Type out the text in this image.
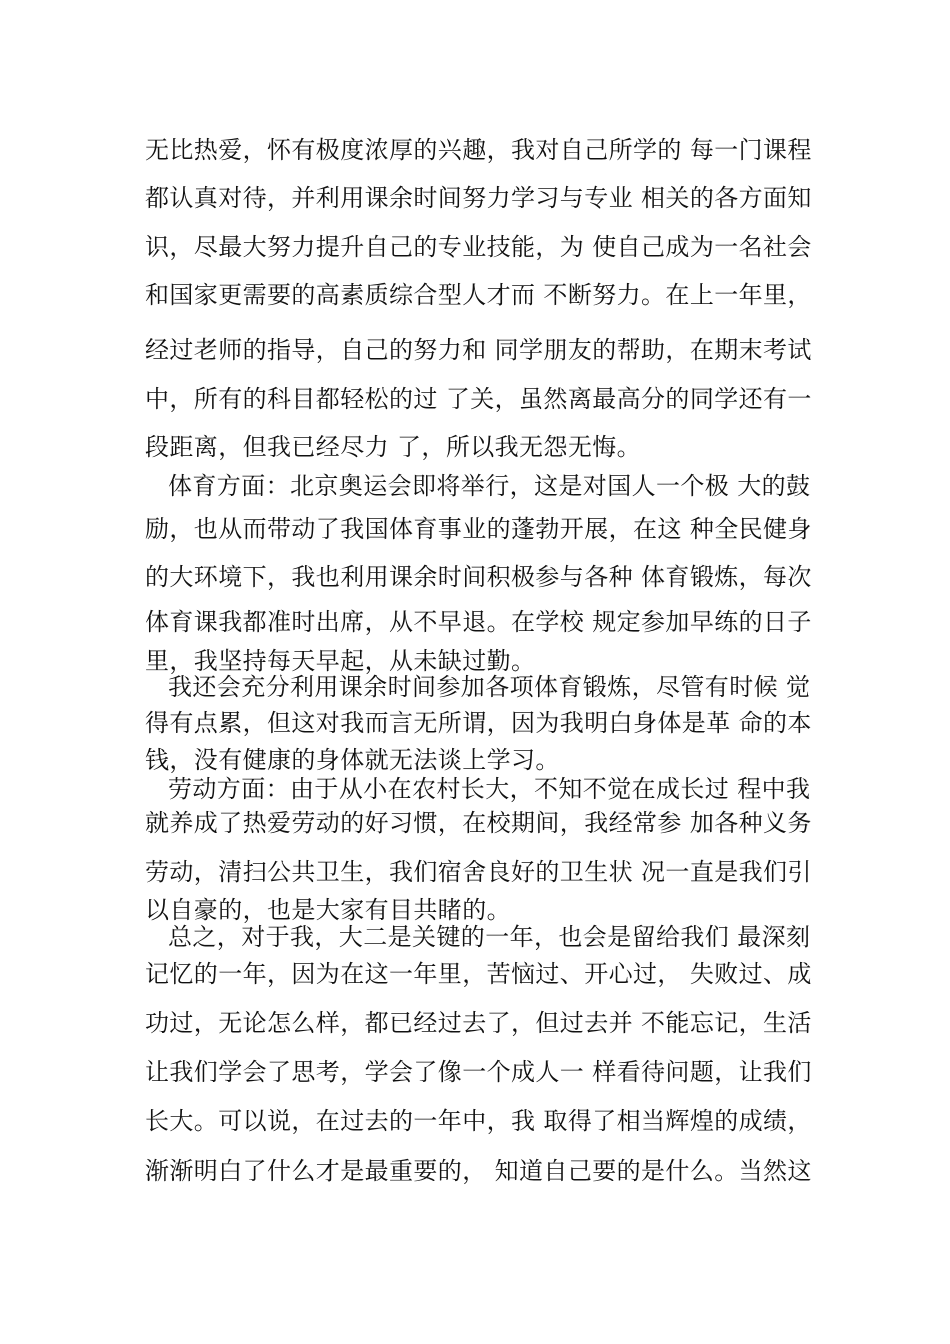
无比热爱，怀有极度浓厚的兴趣，我对自己所学的 每一门课程
都认真对待，并利用课余时间努力学习与专业 相关的各方面知
识，尽最大努力提升自己的专业技能，为 使自己成为一名社会
和国家更需要的高素质综合型人才而 不断努力。在上一年里，
经过老师的指导，自己的努力和 同学朋友的帮助，在期末考试
中，所有的科目都轻松的过 了关，虽然离最高分的同学还有一
段距离，但我已经尽力 了，所以我无怨无悔。
体育方面：北京奥运会即将举行，这是对国人一个极 大的鼓
励，也从而带动了我国体育事业的蓬勃开展，在这 种全民健身
的大环境下，我也利用课余时间积极参与各种 体育锻炼，每次
体育课我都准时出席，从不早退。在学校 规定参加早练的日子
里，我坚持每天早起，从未缺过勤。
我还会充分利用课余时间参加各项体育锻炼，尽管有时候 觉
得有点累，但这对我而言无所谓，因为我明白身体是革 命的本
钱，没有健康的身体就无法谈上学习。
劳动方面：由于从小在农村长大，不知不觉在成长过 程中我
就养成了热爱劳动的好习惯，在校期间，我经常参 加各种义务
劳动，清扫公共卫生，我们宿舍良好的卫生状 况一直是我们引
以自豪的，也是大家有目共睹的。
总之，对于我，大二是关键的一年，也会是留给我们 最深刻
记忆的一年，因为在这一年里，苦恼过、开心过， 失败过、成
功过，无论怎么样，都已经过去了，但过去并 不能忘记，生活
让我们学会了思考，学会了像一个成人一 样看待问题，让我们
长大。可以说，在过去的一年中，我 取得了相当辉煌的成绩，
渐渐明白了什么才是最重要的， 知道自己要的是什么。当然这
